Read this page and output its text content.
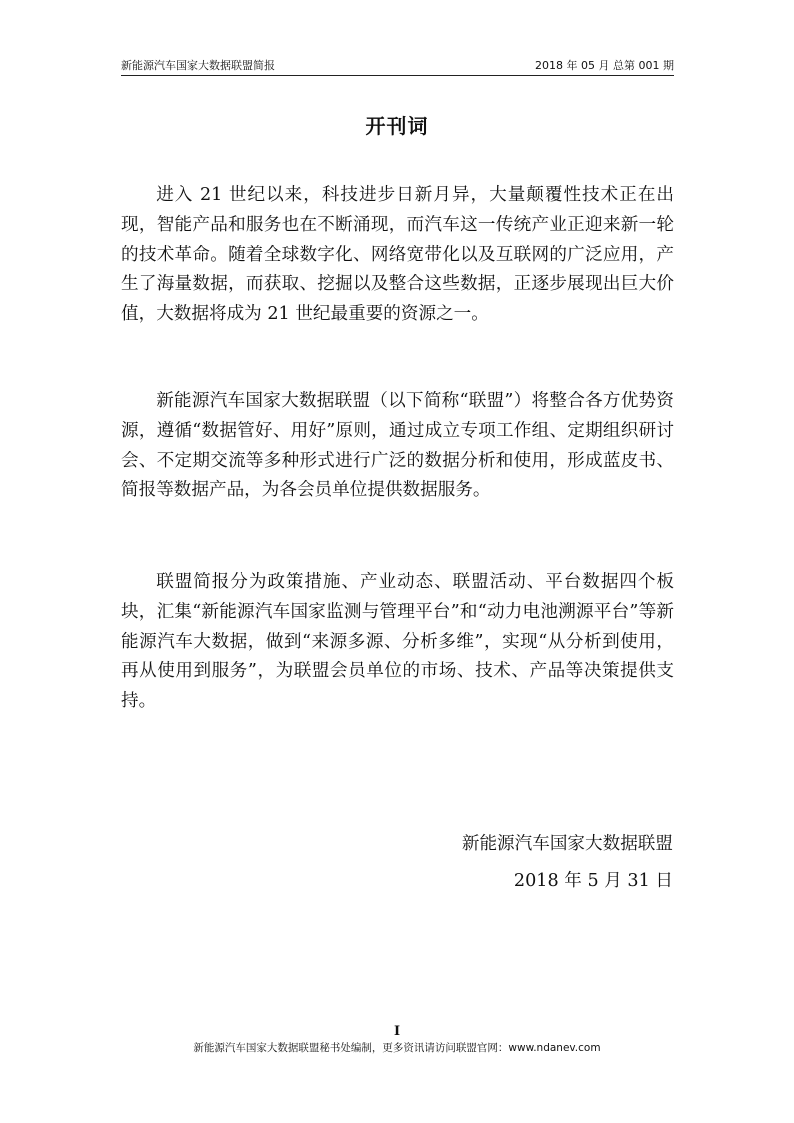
新能源汽车国家大数据联盟简报	2018 年 05 月 总第 001 期
开刊词

进入 21 世纪以来，科技进步日新月异，大量颠覆性技术正在出现，智能产品和服务也在不断涌现，而汽车这一传统产业正迎来新一轮的技术革命。随着全球数字化、网络宽带化以及互联网的广泛应用，产生了海量数据，而获取、挖掘以及整合这些数据，正逐步展现出巨大价值，大数据将成为 21 世纪最重要的资源之一。

新能源汽车国家大数据联盟（以下简称“联盟”）将整合各方优势资源，遵循“数据管好、用好”原则，通过成立专项工作组、定期组织研讨会、不定期交流等多种形式进行广泛的数据分析和使用，形成蓝皮书、简报等数据产品，为各会员单位提供数据服务。

联盟简报分为政策措施、产业动态、联盟活动、平台数据四个板块，汇集“新能源汽车国家监测与管理平台”和“动力电池溯源平台”等新能源汽车大数据，做到“来源多源、分析多维”，实现“从分析到使用，再从使用到服务”，为联盟会员单位的市场、技术、产品等决策提供支持。

新能源汽车国家大数据联盟
2018 年 5 月 31 日
I
新能源汽车国家大数据联盟秘书处编制，更多资讯请访问联盟官网：www.ndanev.com
